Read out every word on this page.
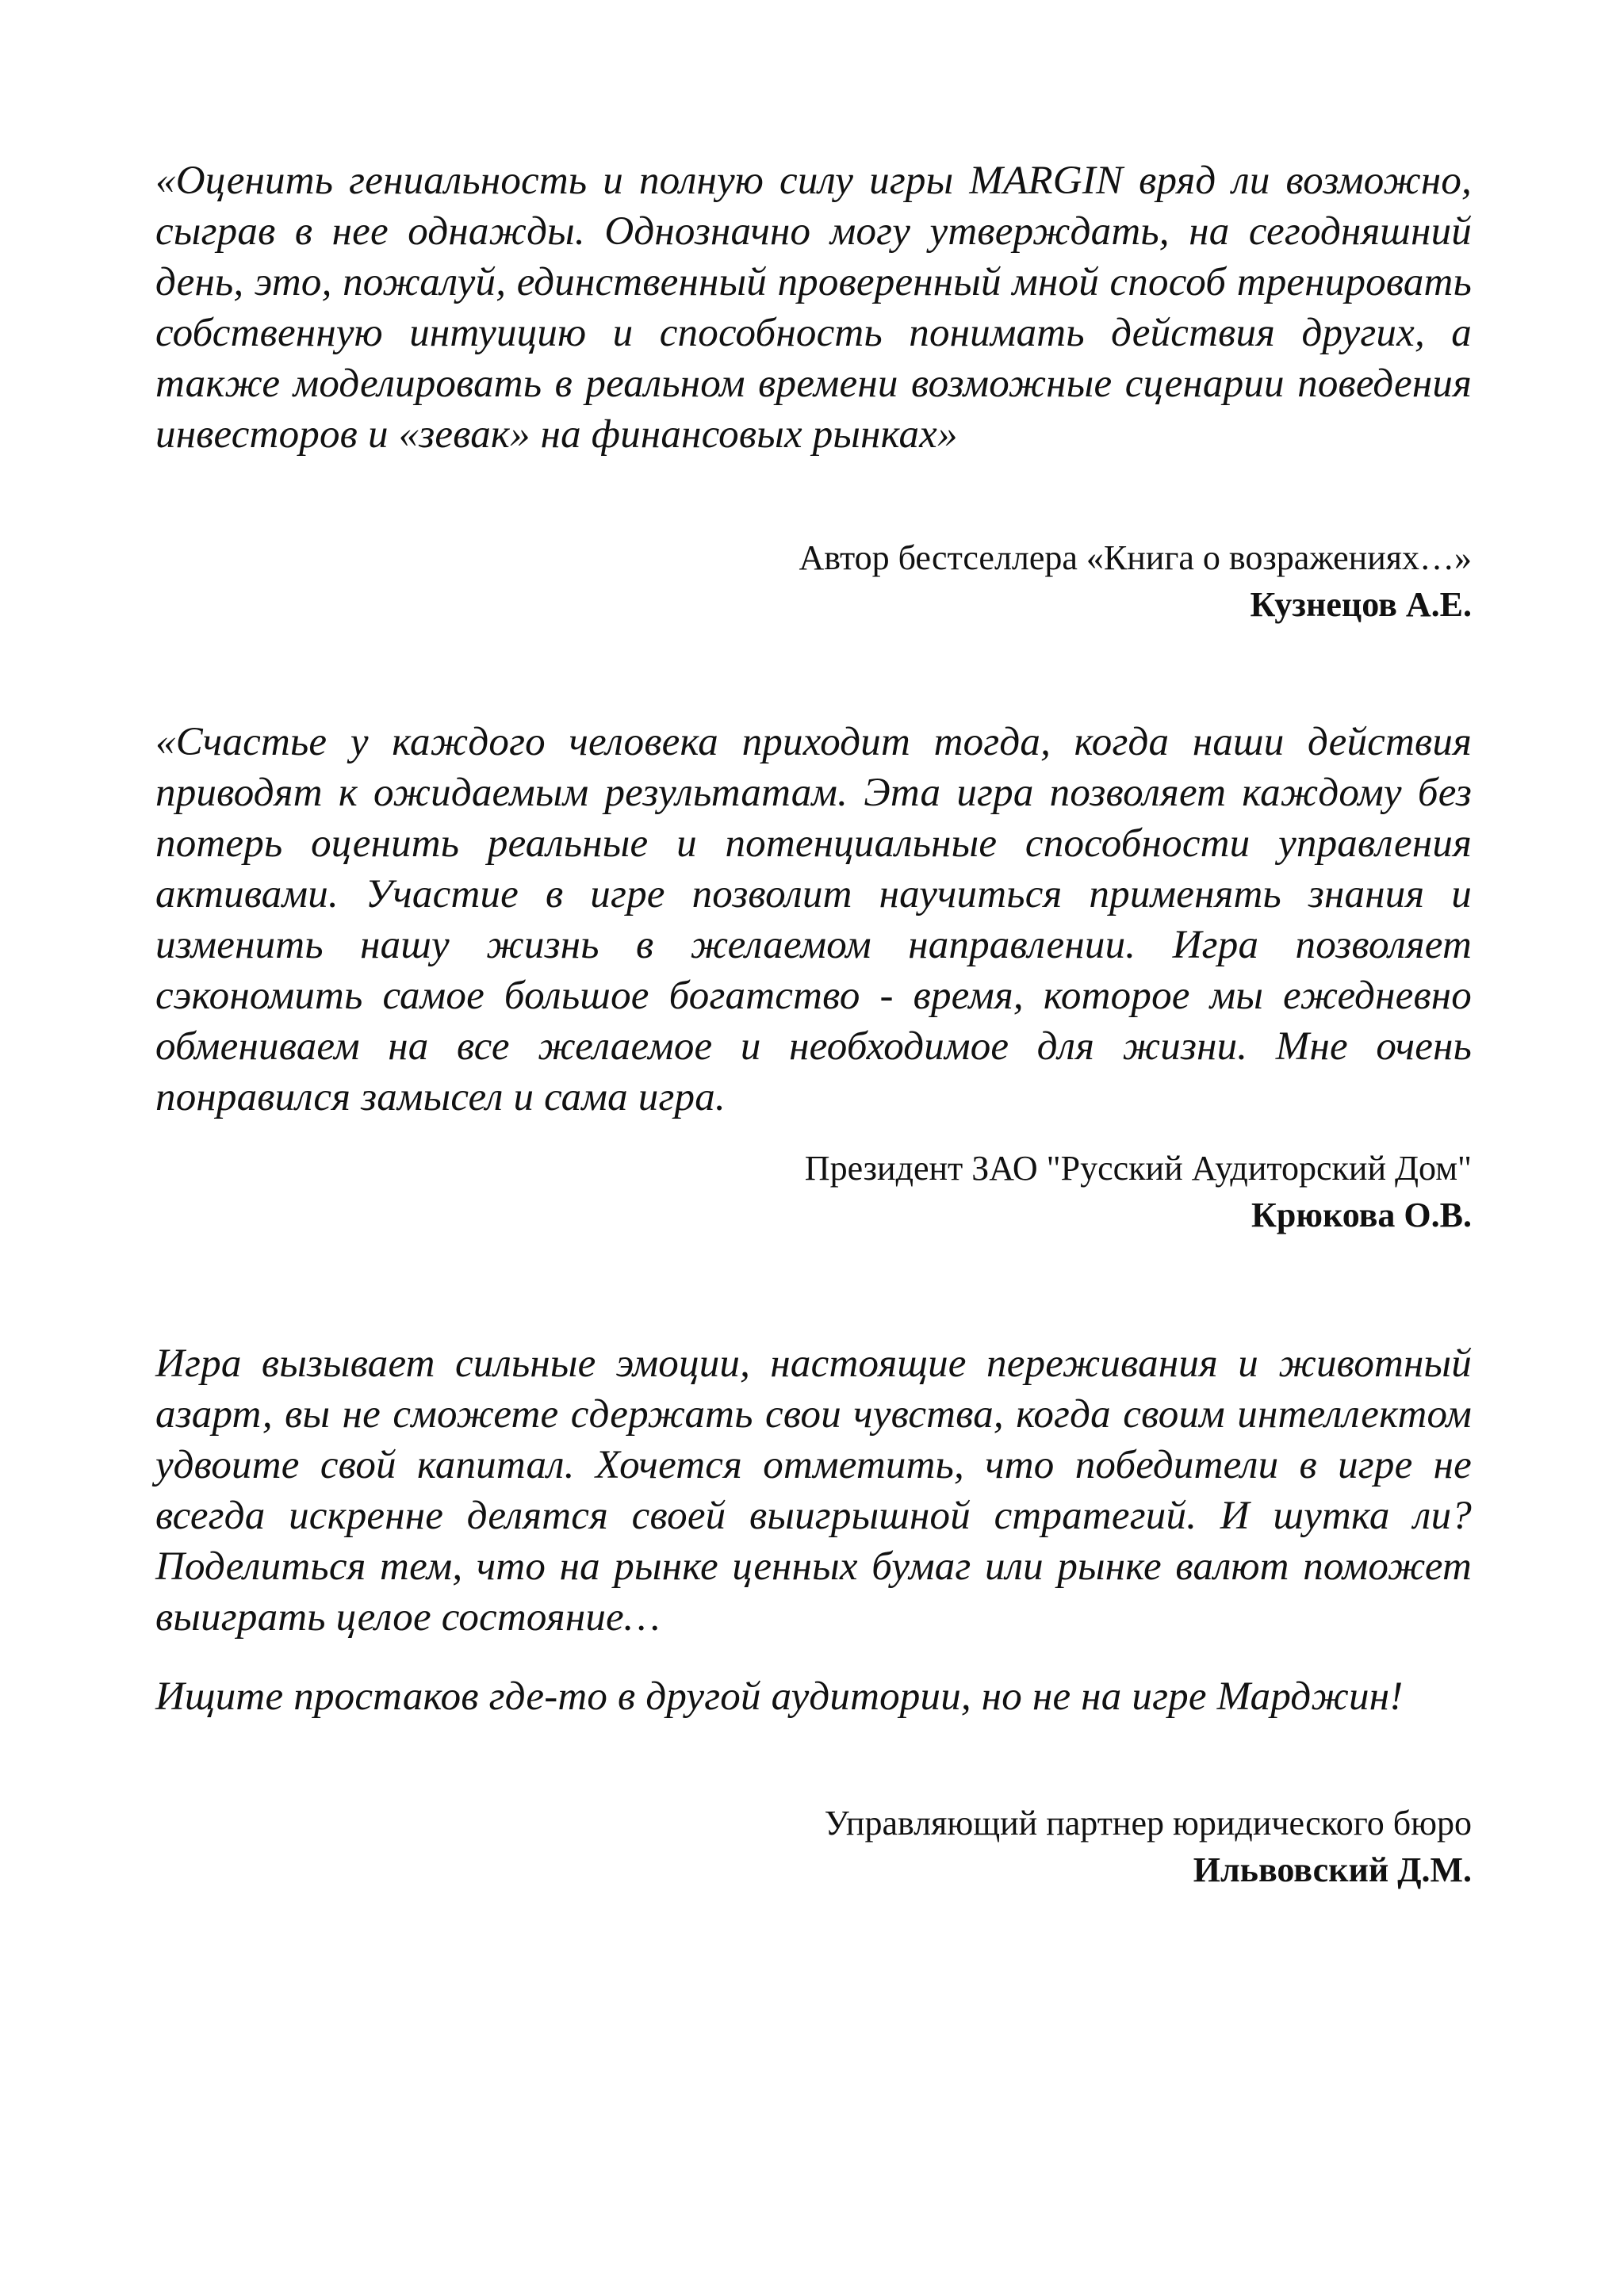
«Оценить гениальность и полную силу игры MARGIN вряд ли возможно, сыграв в нее однажды. Однозначно могу утверждать, на сегодняшний день, это, пожалуй, единственный проверенный мной способ тренировать собственную интуицию и способность понимать действия других, а также моделировать в реальном времени возможные сценарии поведения инвесторов и «зевак» на финансовых рынках»

Автор бестселлера «Книга о возражениях…»
Кузнецов А.Е.

«Счастье у каждого человека приходит тогда, когда наши действия приводят к ожидаемым результатам. Эта игра позволяет каждому без потерь оценить реальные и потенциальные способности управления активами. Участие в игре позволит научиться применять знания и изменить нашу жизнь в желаемом направлении. Игра позволяет сэкономить самое большое богатство - время, которое мы ежедневно обмениваем на все желаемое и необходимое для жизни. Мне очень понравился замысел и сама игра.

Президент ЗАО "Русский Аудиторский Дом"
Крюкова О.В.

Игра вызывает сильные эмоции, настоящие переживания и животный азарт, вы не сможете сдержать свои чувства, когда своим интеллектом удвоите свой капитал. Хочется отметить, что победители в игре не всегда искренне делятся своей выигрышной стратегий. И шутка ли? Поделиться тем, что на рынке ценных бумаг или рынке валют поможет выиграть целое состояние…

Ищите простаков где-то в другой аудитории, но не на игре Марджин!

Управляющий партнер юридического бюро
Ильвовский Д.М.
